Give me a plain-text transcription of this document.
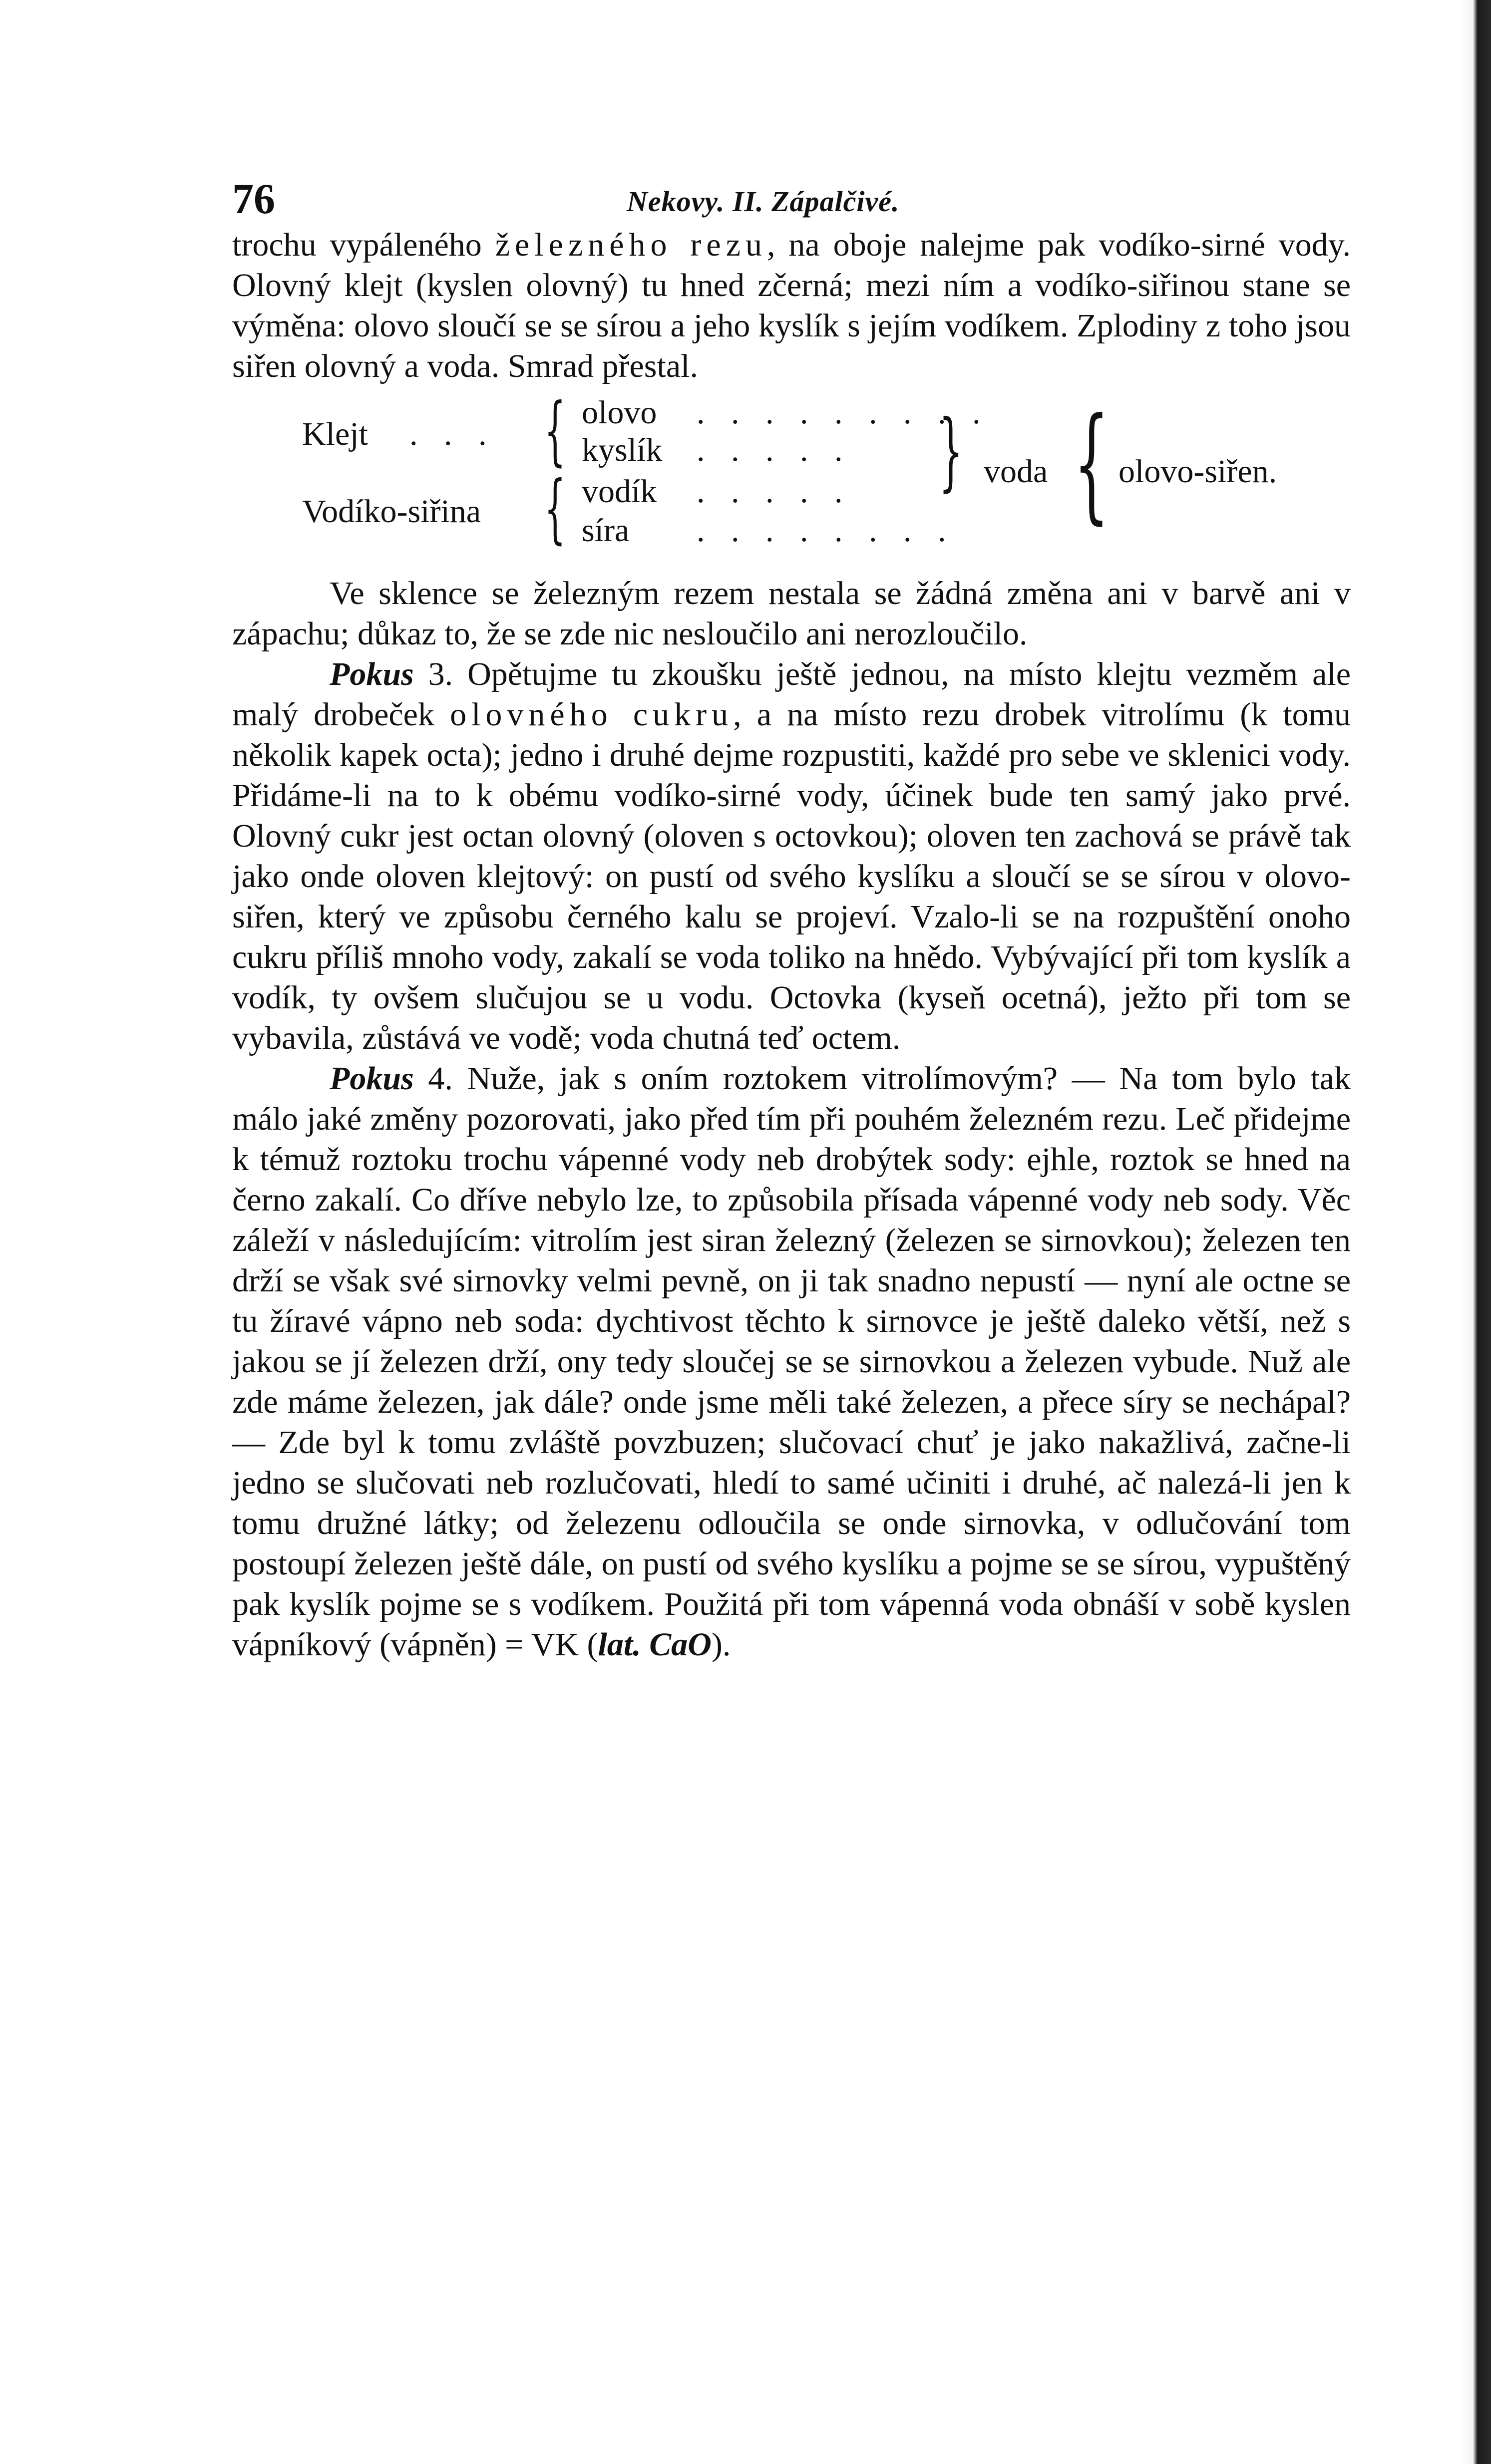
76	Nekovy. II. Zápalčivé.

trochu vypáleného železného rezu, na oboje nalejme pak vodíko-sirné vody. Olovný klejt (kyslen olovný) tu hned zčerná; mezi ním a vodíko-siřinou stane se výměna: olovo sloučí se se sírou a jeho kyslík s jejím vodíkem. Zplodiny z toho jsou siřen olovný a voda. Smrad přestal.

Klejt . . .
Vodíko-siřina
{
{
olovo . . . . . . . . .
kyslík . . . . .
vodík . . . . .
síra . . . . . . . .
} voda { olovo-siřen.

Ve sklence se železným rezem nestala se žádná změna ani v barvě ani v zápachu; důkaz to, že se zde nic nesloučilo ani nerozloučilo.

Pokus 3. Opětujme tu zkoušku ještě jednou, na místo klejtu vezměm ale malý drobeček olovného cukru, a na místo rezu drobek vitrolímu (k tomu několik kapek octa); jedno i druhé dejme rozpustiti, každé pro sebe ve sklenici vody. Přidáme-li na to k obému vodíko-sirné vody, účinek bude ten samý jako prvé. Olovný cukr jest octan olovný (oloven s octovkou); oloven ten zachová se právě tak jako onde oloven klejtový: on pustí od svého kyslíku a sloučí se se sírou v olovo-siřen, který ve způsobu černého kalu se projeví. Vzalo-li se na rozpuštění onoho cukru příliš mnoho vody, zakalí se voda toliko na hnědo. Vybývající při tom kyslík a vodík, ty ovšem slučujou se u vodu. Octovka (kyseň ocetná), ježto při tom se vybavila, zůstává ve vodě; voda chutná teď octem.

Pokus 4. Nuže, jak s oním roztokem vitrolímovým? — Na tom bylo tak málo jaké změny pozorovati, jako před tím při pouhém železném rezu. Leč přidejme k témuž roztoku trochu vápenné vody neb drobýtek sody: ejhle, roztok se hned na černo zakalí. Co dříve nebylo lze, to způsobila přísada vápenné vody neb sody. Věc záleží v následujícím: vitrolím jest siran železný (železen se sirnovkou); železen ten drží se však své sirnovky velmi pevně, on ji tak snadno nepustí — nyní ale octne se tu žíravé vápno neb soda: dychtivost těchto k sirnovce je ještě daleko větší, než s jakou se jí železen drží, ony tedy sloučej se se sirnovkou a železen vybude. Nuž ale zde máme železen, jak dále? onde jsme měli také železen, a přece síry se nechápal? — Zde byl k tomu zvláště povzbuzen; slučovací chuť je jako nakažlivá, začne-li jedno se slučovati neb rozlučovati, hledí to samé učiniti i druhé, ač nalezá-li jen k tomu družné látky; od železenu odloučila se onde sirnovka, v odlučování tom postoupí železen ještě dále, on pustí od svého kyslíku a pojme se se sírou, vypuštěný pak kyslík pojme se s vodíkem. Použitá při tom vápenná voda obnáší v sobě kyslen vápníkový (vápněn) = VK (lat. CaO).
